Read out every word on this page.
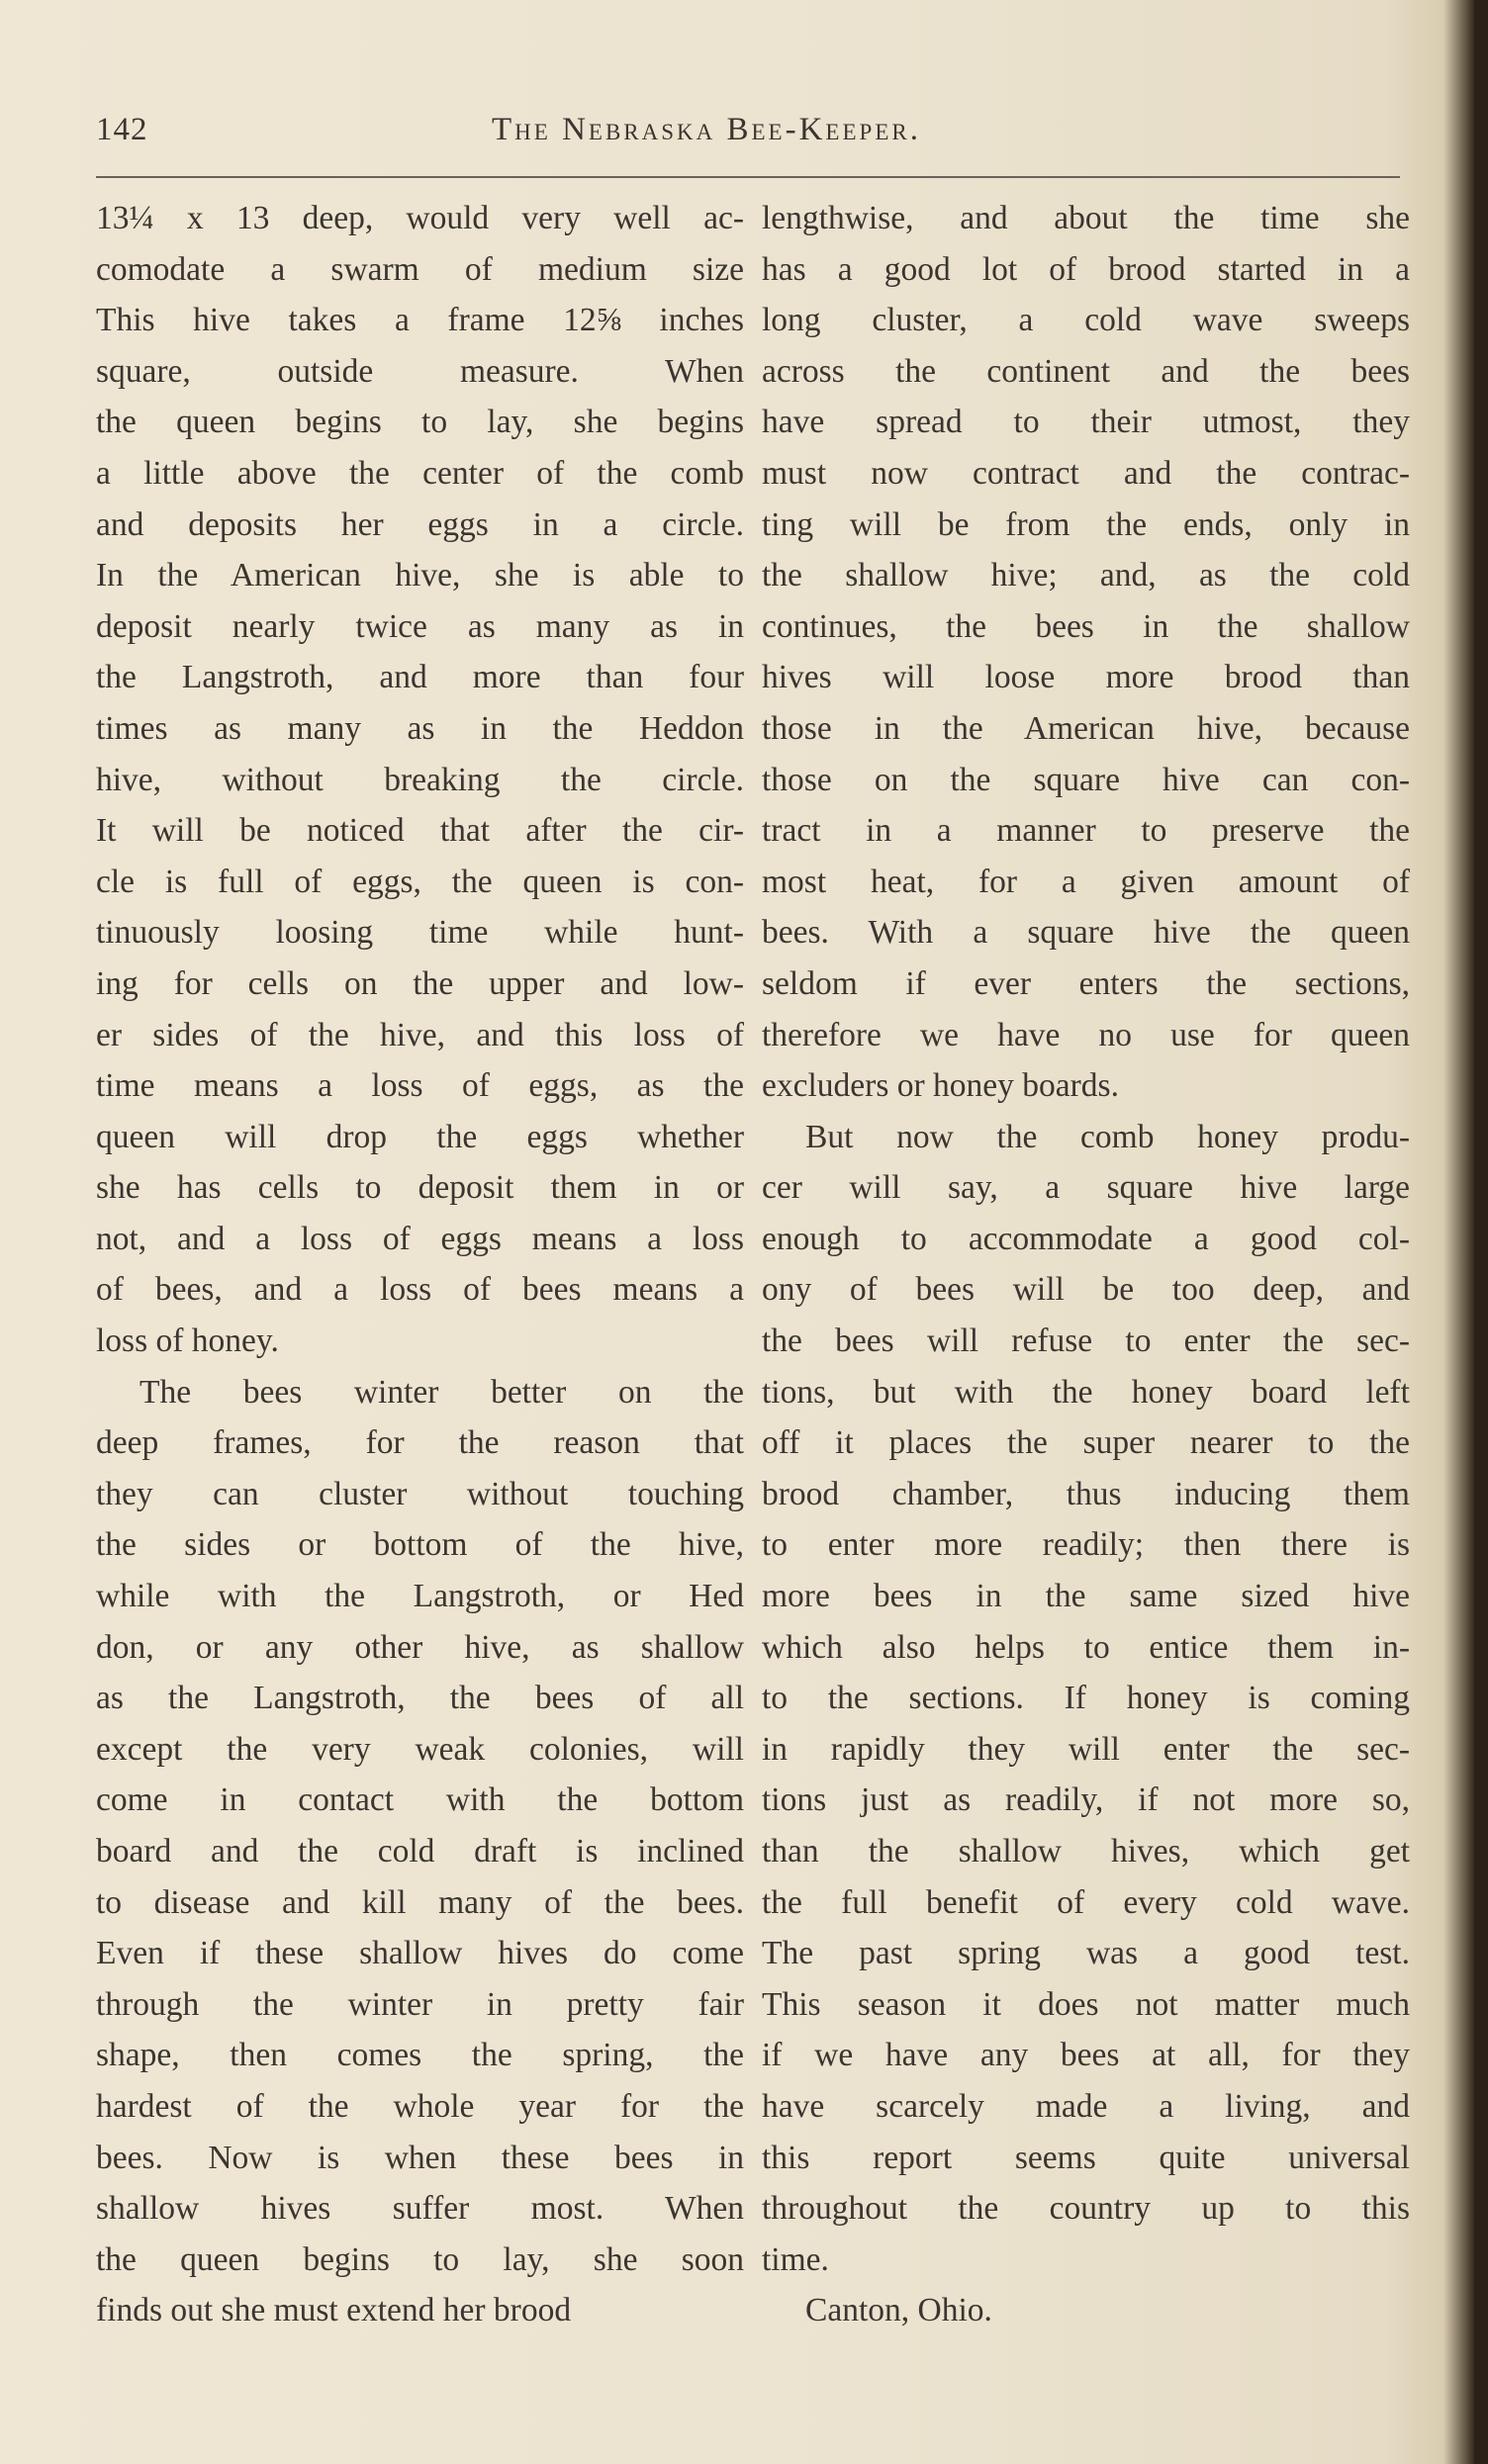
142	The Nebraska Bee-Keeper.
13¼ x 13 deep, would very well ac-
comodate a swarm of medium size
This hive takes a frame 12⅝ inches
square, outside measure. When
the queen begins to lay, she begins
a little above the center of the comb
and deposits her eggs in a circle.
In the American hive, she is able to
deposit nearly twice as many as in
the Langstroth, and more than four
times as many as in the Heddon
hive, without breaking the circle.
It will be noticed that after the cir-
cle is full of eggs, the queen is con-
tinuously loosing time while hunt-
ing for cells on the upper and low-
er sides of the hive, and this loss of
time means a loss of eggs, as the
queen will drop the eggs whether
she has cells to deposit them in or
not, and a loss of eggs means a loss
of bees, and a loss of bees means a
loss of honey.
The bees winter better on the
deep frames, for the reason that
they can cluster without touching
the sides or bottom of the hive,
while with the Langstroth, or Hed
don, or any other hive, as shallow
as the Langstroth, the bees of all
except the very weak colonies, will
come in contact with the bottom
board and the cold draft is inclined
to disease and kill many of the bees.
Even if these shallow hives do come
through the winter in pretty fair
shape, then comes the spring, the
hardest of the whole year for the
bees. Now is when these bees in
shallow hives suffer most. When
the queen begins to lay, she soon
finds out she must extend her brood
lengthwise, and about the time she
has a good lot of brood started in a
long cluster, a cold wave sweeps
across the continent and the bees
have spread to their utmost, they
must now contract and the contrac-
ting will be from the ends, only in
the shallow hive; and, as the cold
continues, the bees in the shallow
hives will loose more brood than
those in the American hive, because
those on the square hive can con-
tract in a manner to preserve the
most heat, for a given amount of
bees. With a square hive the queen
seldom if ever enters the sections,
therefore we have no use for queen
excluders or honey boards.
But now the comb honey produ-
cer will say, a square hive large
enough to accommodate a good col-
ony of bees will be too deep, and
the bees will refuse to enter the sec-
tions, but with the honey board left
off it places the super nearer to the
brood chamber, thus inducing them
to enter more readily; then there is
more bees in the same sized hive
which also helps to entice them in-
to the sections. If honey is coming
in rapidly they will enter the sec-
tions just as readily, if not more so,
than the shallow hives, which get
the full benefit of every cold wave.
The past spring was a good test.
This season it does not matter much
if we have any bees at all, for they
have scarcely made a living, and
this report seems quite universal
throughout the country up to this
time.
Canton, Ohio.
